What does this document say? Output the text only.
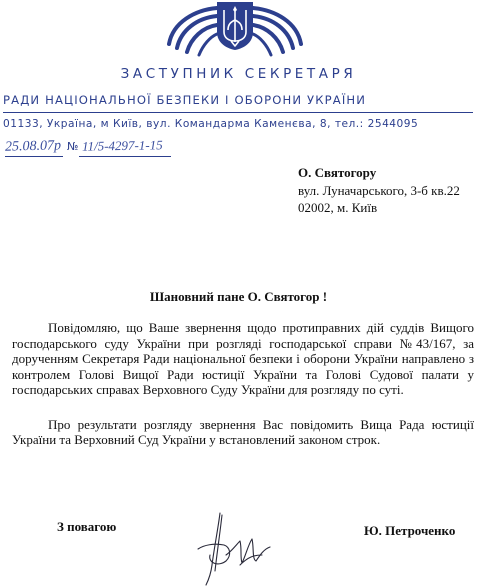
ЗАСТУПНИК СЕКРЕТАРЯ
РАДИ НАЦІОНАЛЬНОЇ БЕЗПЕКИ І ОБОРОНИ УКРАЇНИ
01133, Україна, м Київ, вул. Командарма Каменєва, 8, тел.: 2544095
25.08.07р № 11/5-4297-1-15
О. Святогору
вул. Луначарського, 3-б кв.22
02002, м. Київ
Шановний пане О. Святогор !

Повідомляю, що Ваше звернення щодо протиправних дій суддів Вищого господарського суду України при розгляді господарської справи №43/167, за дорученням Секретаря Ради національної безпеки і оборони України направлено з контролем Голові Вищої Ради юстиції України та Голові Судової палати у господарських справах Верховного Суду України для розгляду по суті.

Про результати розгляду звернення Вас повідомить Вища Рада юстиції України та Верховний Суд України у встановлений законом строк.

З повагою	Ю. Петроченко
